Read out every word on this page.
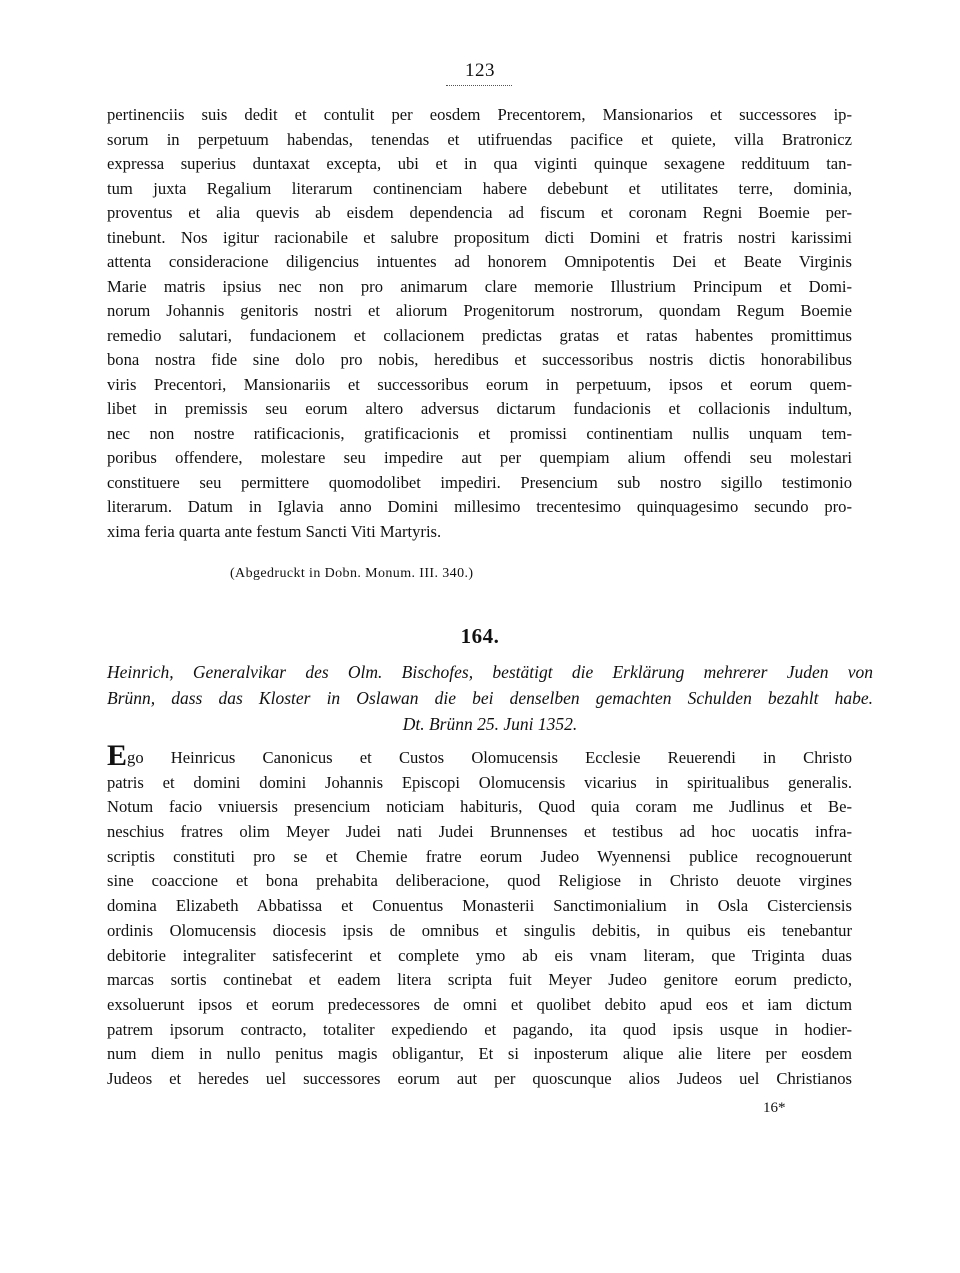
123
pertinenciis suis dedit et contulit per eosdem Precentorem, Mansionarios et successores ip-
sorum in perpetuum habendas, tenendas et utifruendas pacifice et quiete, villa Bratronicz
expressa superius duntaxat excepta, ubi et in qua viginti quinque sexagene reddituum tan-
tum juxta Regalium literarum continenciam habere debebunt et utilitates terre, dominia,
proventus et alia quevis ab eisdem dependencia ad fiscum et coronam Regni Boemie per-
tinebunt. Nos igitur racionabile et salubre propositum dicti Domini et fratris nostri karissimi
attenta consideracione diligencius intuentes ad honorem Omnipotentis Dei et Beate Virginis
Marie matris ipsius nec non pro animarum clare memorie Illustrium Principum et Domi-
norum Johannis genitoris nostri et aliorum Progenitorum nostrorum, quondam Regum Boemie
remedio salutari, fundacionem et collacionem predictas gratas et ratas habentes promittimus
bona nostra fide sine dolo pro nobis, heredibus et successoribus nostris dictis honorabilibus
viris Precentori, Mansionariis et successoribus eorum in perpetuum, ipsos et eorum quem-
libet in premissis seu eorum altero adversus dictarum fundacionis et collacionis indultum,
nec non nostre ratificacionis, gratificacionis et promissi continentiam nullis unquam tem-
poribus offendere, molestare seu impedire aut per quempiam alium offendi seu molestari
constituere seu permittere quomodolibet impediri. Presencium sub nostro sigillo testimonio
literarum. Datum in Iglavia anno Domini millesimo trecentesimo quinquagesimo secundo pro-
xima feria quarta ante festum Sancti Viti Martyris.
(Abgedruckt in Dobn. Monum. III. 340.)
164.
Heinrich, Generalvikar des Olm. Bischofes, bestätigt die Erklärung mehrerer Juden von
Brünn, dass das Kloster in Oslawan die bei denselben gemachten Schulden bezahlt habe.
Dt. Brünn 25. Juni 1352.
Ego Heinricus Canonicus et Custos Olomucensis Ecclesie Reuerendi in Christo
patris et domini domini Johannis Episcopi Olomucensis vicarius in spiritualibus generalis.
Notum facio vniuersis presencium noticiam habituris, Quod quia coram me Judlinus et Be-
neschius fratres olim Meyer Judei nati Judei Brunnenses et testibus ad hoc uocatis infra-
scriptis constituti pro se et Chemie fratre eorum Judeo Wyennensi publice recognouerunt
sine coaccione et bona prehabita deliberacione, quod Religiose in Christo deuote virgines
domina Elizabeth Abbatissa et Conuentus Monasterii Sanctimonialium in Osla Cisterciensis
ordinis Olomucensis diocesis ipsis de omnibus et singulis debitis, in quibus eis tenebantur
debitorie integraliter satisfecerint et complete ymo ab eis vnam literam, que Triginta duas
marcas sortis continebat et eadem litera scripta fuit Meyer Judeo genitore eorum predicto,
exsoluerunt ipsos et eorum predecessores de omni et quolibet debito apud eos et iam dictum
patrem ipsorum contracto, totaliter expediendo et pagando, ita quod ipsis usque in hodier-
num diem in nullo penitus magis obligantur, Et si inposterum alique alie litere per eosdem
Judeos et heredes uel successores eorum aut per quoscunque alios Judeos uel Christianos
16*
